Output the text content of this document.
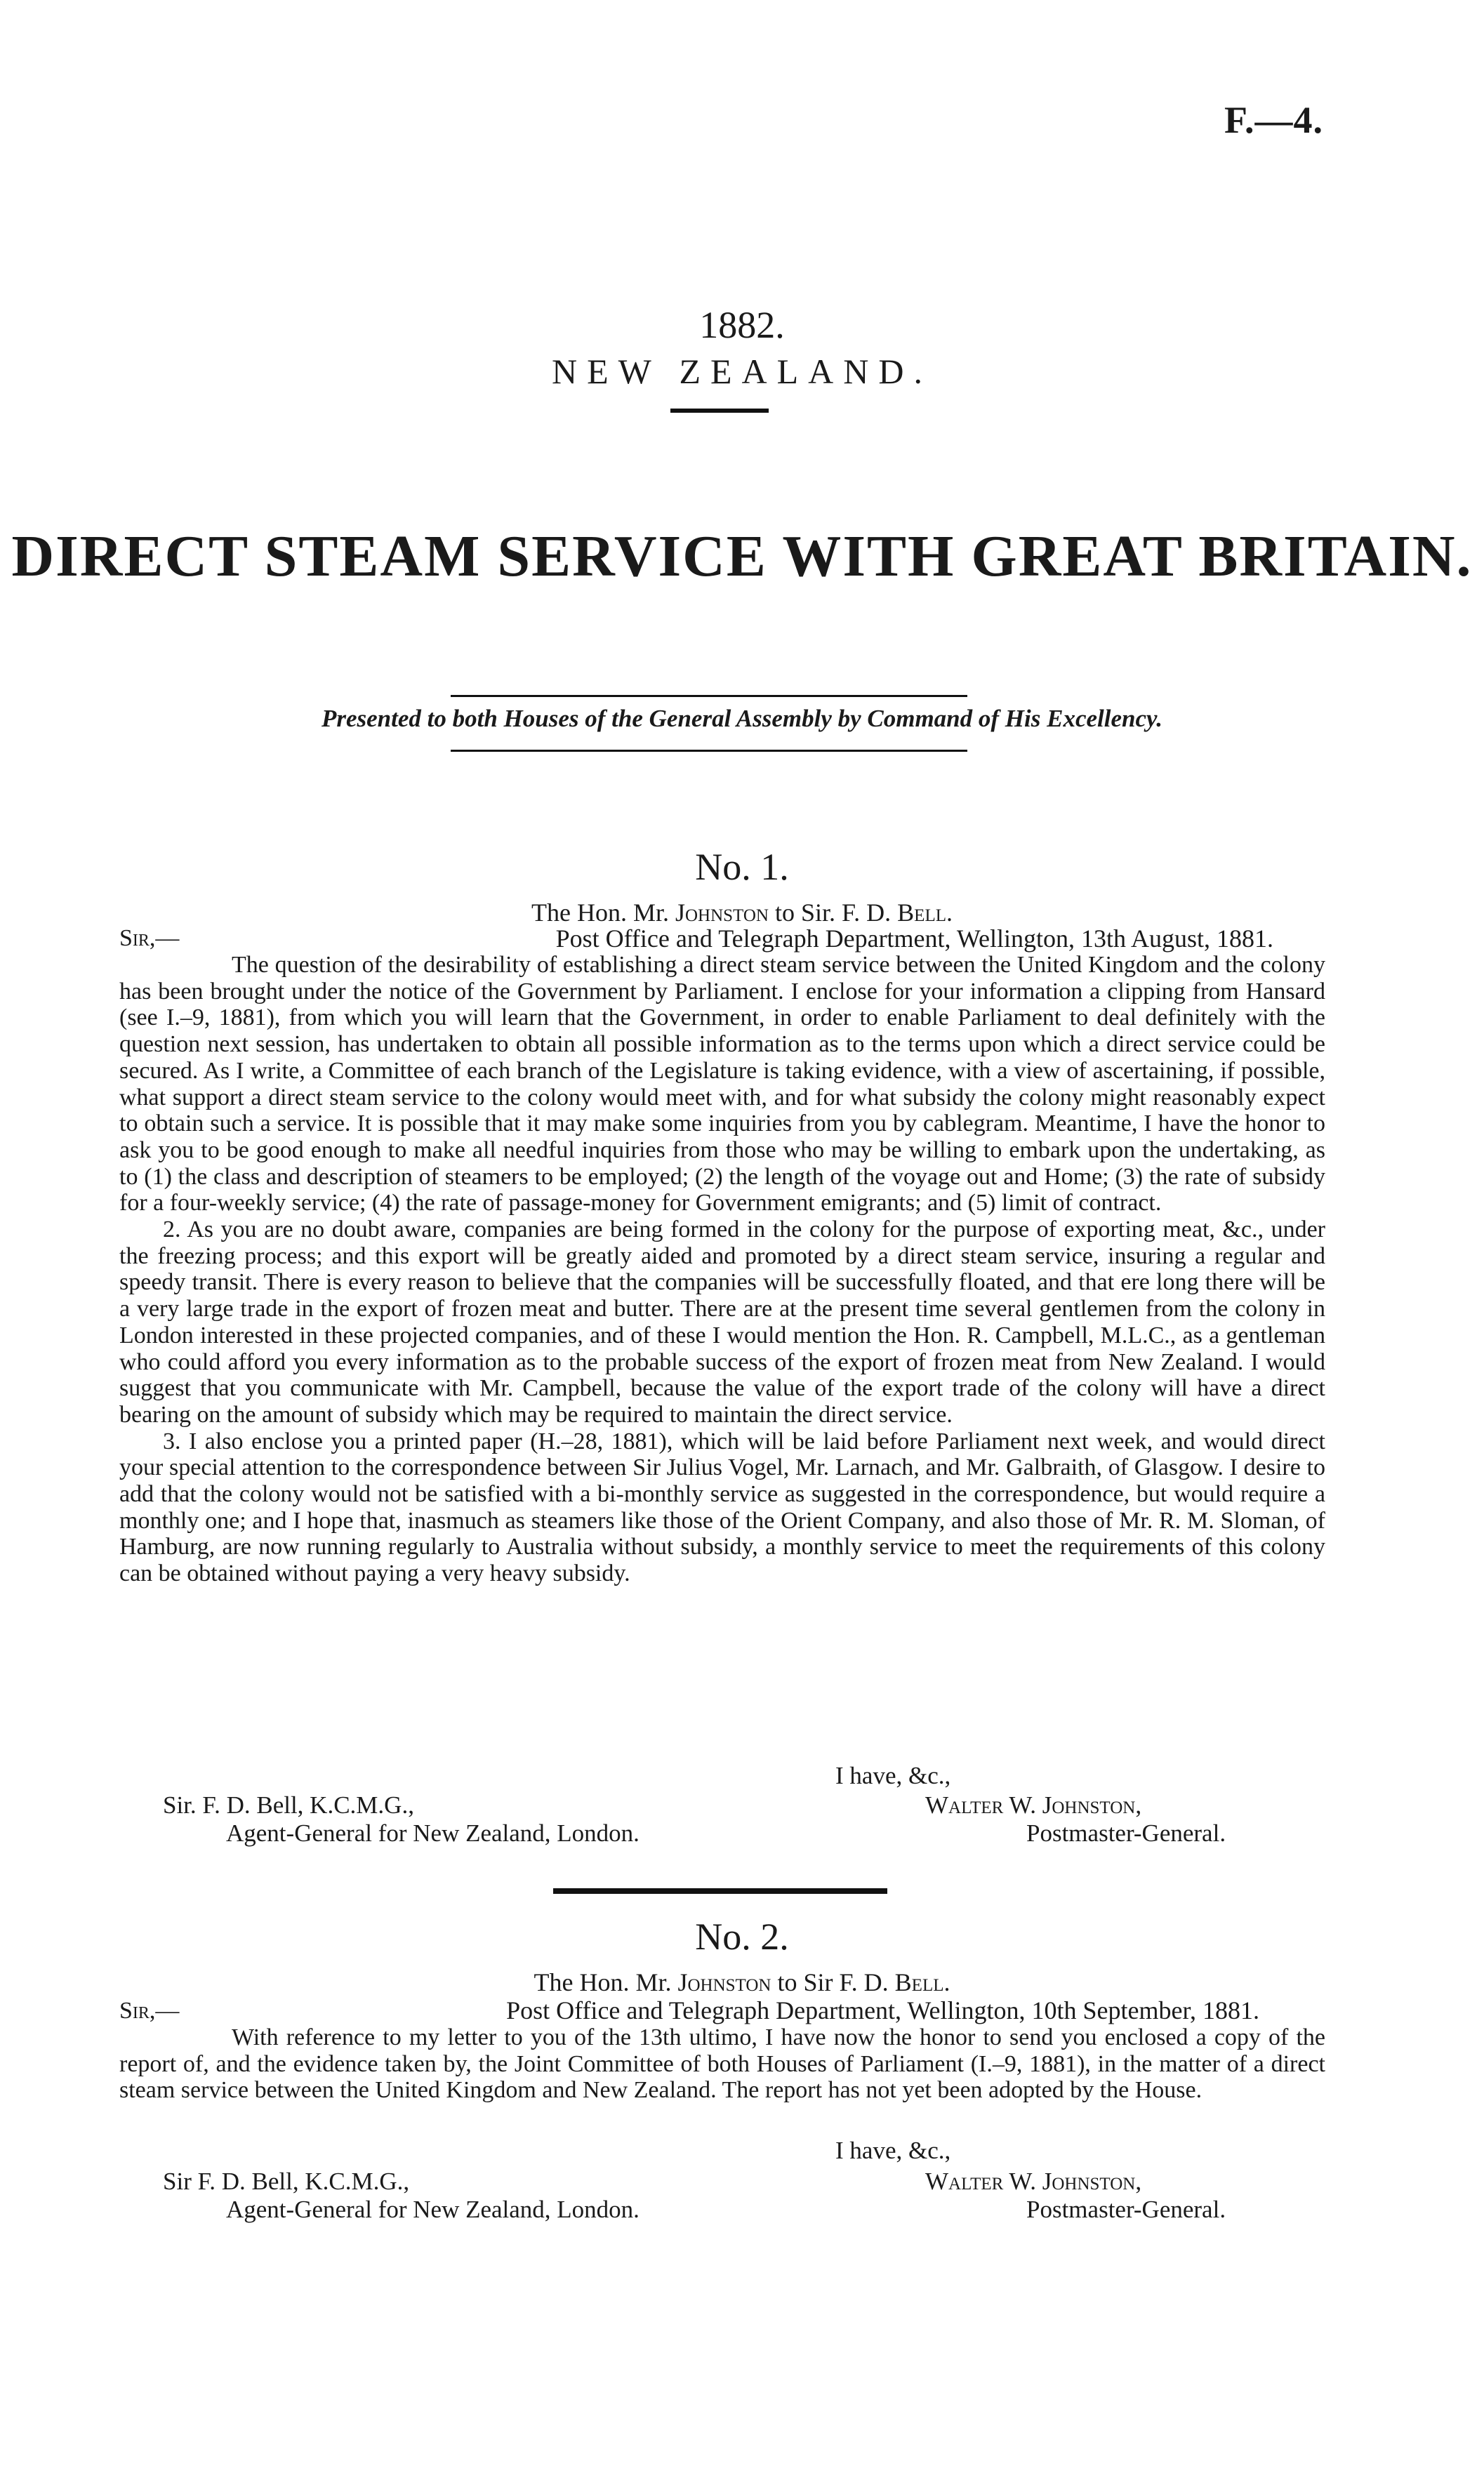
F.—4.
1882.
NEW ZEALAND.
DIRECT STEAM SERVICE WITH GREAT BRITAIN.
Presented to both Houses of the General Assembly by Command of His Excellency.
No. 1.
The Hon. Mr. Johnston to Sir. F. D. Bell.
Sir,—	Post Office and Telegraph Department, Wellington, 13th August, 1881.

The question of the desirability of establishing a direct steam service between the United Kingdom and the colony has been brought under the notice of the Government by Parliament. I enclose for your information a clipping from Hansard (see I.–9, 1881), from which you will learn that the Government, in order to enable Parliament to deal definitely with the question next session, has undertaken to obtain all possible information as to the terms upon which a direct service could be secured. As I write, a Committee of each branch of the Legislature is taking evidence, with a view of ascertaining, if possible, what support a direct steam service to the colony would meet with, and for what subsidy the colony might reasonably expect to obtain such a service. It is possible that it may make some inquiries from you by cablegram. Meantime, I have the honor to ask you to be good enough to make all needful inquiries from those who may be willing to embark upon the undertaking, as to (1) the class and description of steamers to be employed; (2) the length of the voyage out and Home; (3) the rate of subsidy for a four-weekly service; (4) the rate of passage-money for Government emigrants; and (5) limit of contract.

2. As you are no doubt aware, companies are being formed in the colony for the purpose of exporting meat, &c., under the freezing process; and this export will be greatly aided and promoted by a direct steam service, insuring a regular and speedy transit. There is every reason to believe that the companies will be successfully floated, and that ere long there will be a very large trade in the export of frozen meat and butter. There are at the present time several gentlemen from the colony in London interested in these projected companies, and of these I would mention the Hon. R. Campbell, M.L.C., as a gentleman who could afford you every information as to the probable success of the export of frozen meat from New Zealand. I would suggest that you communicate with Mr. Campbell, because the value of the export trade of the colony will have a direct bearing on the amount of subsidy which may be required to maintain the direct service.

3. I also enclose you a printed paper (H.–28, 1881), which will be laid before Parliament next week, and would direct your special attention to the correspondence between Sir Julius Vogel, Mr. Larnach, and Mr. Galbraith, of Glasgow. I desire to add that the colony would not be satisfied with a bi-monthly service as suggested in the correspondence, but would require a monthly one; and I hope that, inasmuch as steamers like those of the Orient Company, and also those of Mr. R. M. Sloman, of Hamburg, are now running regularly to Australia without subsidy, a monthly service to meet the requirements of this colony can be obtained without paying a very heavy subsidy.

I have, &c.,
Sir. F. D. Bell, K.C.M.G.,	Walter W. Johnston,
Agent-General for New Zealand, London.	Postmaster-General.
No. 2.
The Hon. Mr. Johnston to Sir F. D. Bell.
Sir,—	Post Office and Telegraph Department, Wellington, 10th September, 1881.

With reference to my letter to you of the 13th ultimo, I have now the honor to send you enclosed a copy of the report of, and the evidence taken by, the Joint Committee of both Houses of Parliament (I.–9, 1881), in the matter of a direct steam service between the United Kingdom and New Zealand. The report has not yet been adopted by the House.

I have, &c.,
Sir F. D. Bell, K.C.M.G.,	Walter W. Johnston,
Agent-General for New Zealand, London.	Postmaster-General.
